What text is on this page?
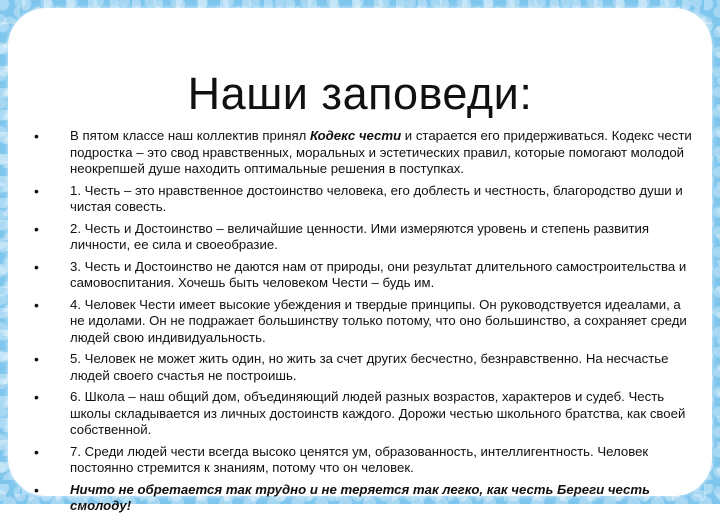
Наши заповеди:
• В пятом классе наш коллектив принял Кодекс чести и старается его придерживаться. Кодекс чести подростка – это свод нравственных, моральных и эстетических правил, которые помогают молодой неокрепшей душе находить оптимальные решения в поступках.
• 1. Честь – это нравственное достоинство человека, его доблесть и честность, благородство души и чистая совесть.
• 2. Честь и Достоинство – величайшие ценности. Ими измеряются уровень и степень развития личности, ее сила и своеобразие.
• 3. Честь и Достоинство не даются нам от природы, они результат длительного самостроительства и самовоспитания. Хочешь быть человеком Чести – будь им.
• 4. Человек Чести имеет высокие убеждения и твердые принципы. Он руководствуется идеалами, а не идолами. Он не подражает большинству только потому, что оно большинство, а сохраняет среди людей свою индивидуальность.
• 5. Человек не может жить один, но жить за счет других бесчестно, безнравственно. На несчастье людей своего счастья не построишь.
• 6. Школа – наш общий дом, объединяющий людей разных возрастов, характеров и судеб. Честь школы складывается из личных достоинств каждого. Дорожи честью школьного братства, как своей собственной.
• 7. Среди людей чести всегда высоко ценятся ум, образованность, интеллигентность. Человек постоянно стремится к знаниям, потому что он человек.
• Ничто не обретается так трудно и не теряется так легко, как честь Береги честь смолоду!
